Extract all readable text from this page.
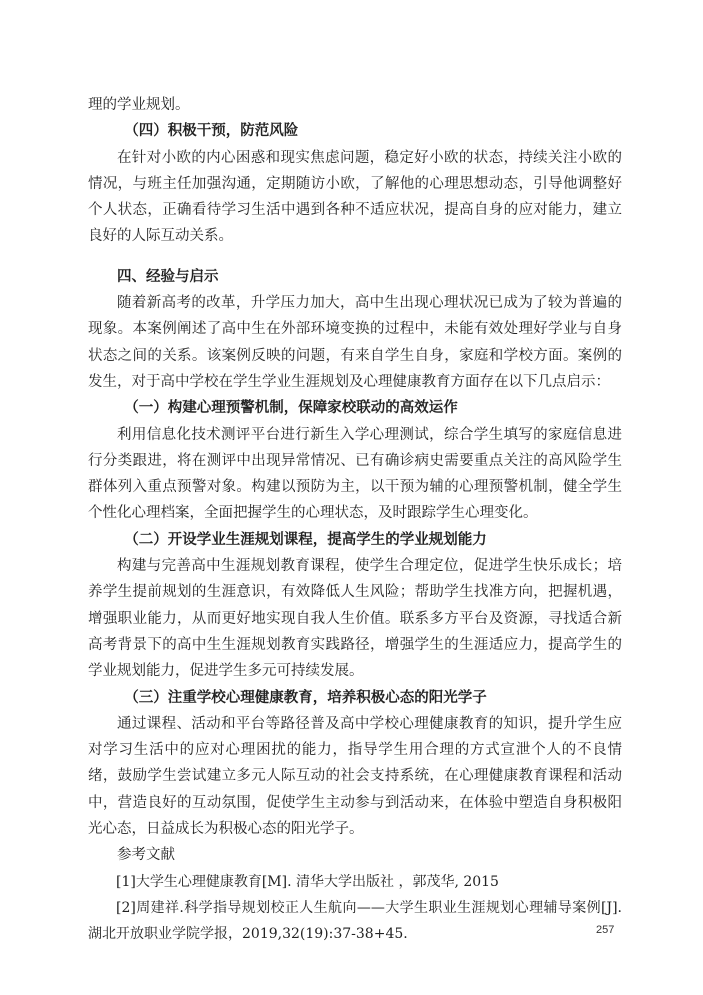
理的学业规划。

（四）积极干预，防范风险

在针对小欧的内心困惑和现实焦虑问题，稳定好小欧的状态，持续关注小欧的情况，与班主任加强沟通，定期随访小欧，了解他的心理思想动态，引导他调整好个人状态，正确看待学习生活中遇到各种不适应状况，提高自身的应对能力，建立良好的人际互动关系。

四、经验与启示

随着新高考的改革，升学压力加大，高中生出现心理状况已成为了较为普遍的现象。本案例阐述了高中生在外部环境变换的过程中，未能有效处理好学业与自身状态之间的关系。该案例反映的问题，有来自学生自身，家庭和学校方面。案例的发生，对于高中学校在学生学业生涯规划及心理健康教育方面存在以下几点启示：

（一）构建心理预警机制，保障家校联动的高效运作

利用信息化技术测评平台进行新生入学心理测试，综合学生填写的家庭信息进行分类跟进，将在测评中出现异常情况、已有确诊病史需要重点关注的高风险学生群体列入重点预警对象。构建以预防为主，以干预为辅的心理预警机制，健全学生个性化心理档案，全面把握学生的心理状态，及时跟踪学生心理变化。

（二）开设学业生涯规划课程，提高学生的学业规划能力

构建与完善高中生涯规划教育课程，使学生合理定位，促进学生快乐成长；培养学生提前规划的生涯意识，有效降低人生风险；帮助学生找准方向，把握机遇，增强职业能力，从而更好地实现自我人生价值。联系多方平台及资源，寻找适合新高考背景下的高中生生涯规划教育实践路径，增强学生的生涯适应力，提高学生的学业规划能力，促进学生多元可持续发展。

（三）注重学校心理健康教育，培养积极心态的阳光学子

通过课程、活动和平台等路径普及高中学校心理健康教育的知识，提升学生应对学习生活中的应对心理困扰的能力，指导学生用合理的方式宣泄个人的不良情绪，鼓励学生尝试建立多元人际互动的社会支持系统，在心理健康教育课程和活动中，营造良好的互动氛围，促使学生主动参与到活动来，在体验中塑造自身积极阳光心态，日益成长为积极心态的阳光学子。

参考文献

[1]大学生心理健康教育[M]. 清华大学出版社 ，郭茂华, 2015

[2]周建祥.科学指导规划校正人生航向——大学生职业生涯规划心理辅导案例[J].湖北开放职业学院学报，2019,32(19):37-38+45.	257
